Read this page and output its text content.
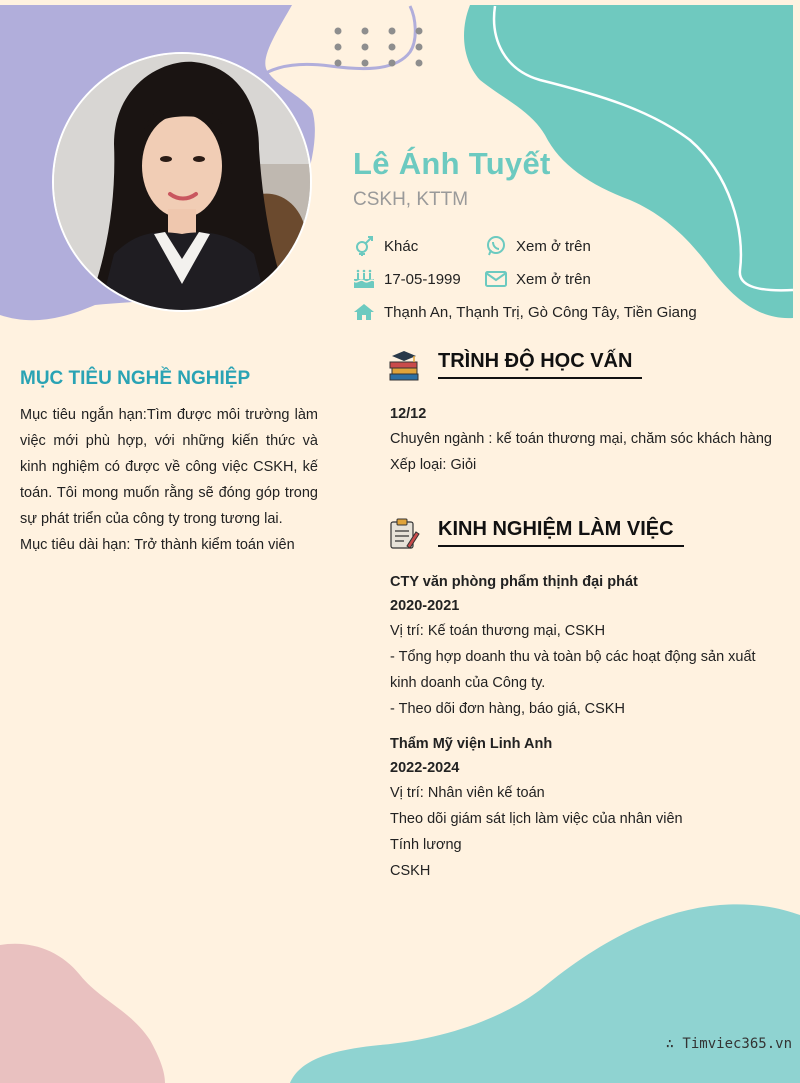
Lê Ánh Tuyết
CSKH, KTTM
Khác	Xem ở trên
17-05-1999	Xem ở trên
Thạnh An, Thạnh Trị, Gò Công Tây, Tiền Giang
MỤC TIÊU NGHỀ NGHIỆP

Mục tiêu ngắn hạn:Tìm được môi trường làm việc mới phù hợp, với những kiến thức và kinh nghiệm có được về công việc CSKH, kế toán. Tôi mong muốn rằng sẽ đóng góp trong sự phát triển của công ty trong tương lai.

Mục tiêu dài hạn: Trở thành kiểm toán viên

TRÌNH ĐỘ HỌC VẤN
12/12
Chuyên ngành : kế toán thương mại, chăm sóc khách hàng
Xếp loại: Giỏi
KINH NGHIỆM LÀM VIỆC
CTY văn phòng phẩm thịnh đại phát
2020-2021
Vị trí: Kế toán thương mại, CSKH
- Tổng hợp doanh thu và toàn bộ các hoạt động sản xuất kinh doanh của Công ty.
- Theo dõi đơn hàng, báo giá, CSKH
Thẩm Mỹ viện Linh Anh
2022-2024
Vị trí: Nhân viên kế toán
Theo dõi giám sát lịch làm việc của nhân viên
Tính lương
CSKH
∴ Timviec365.vn
